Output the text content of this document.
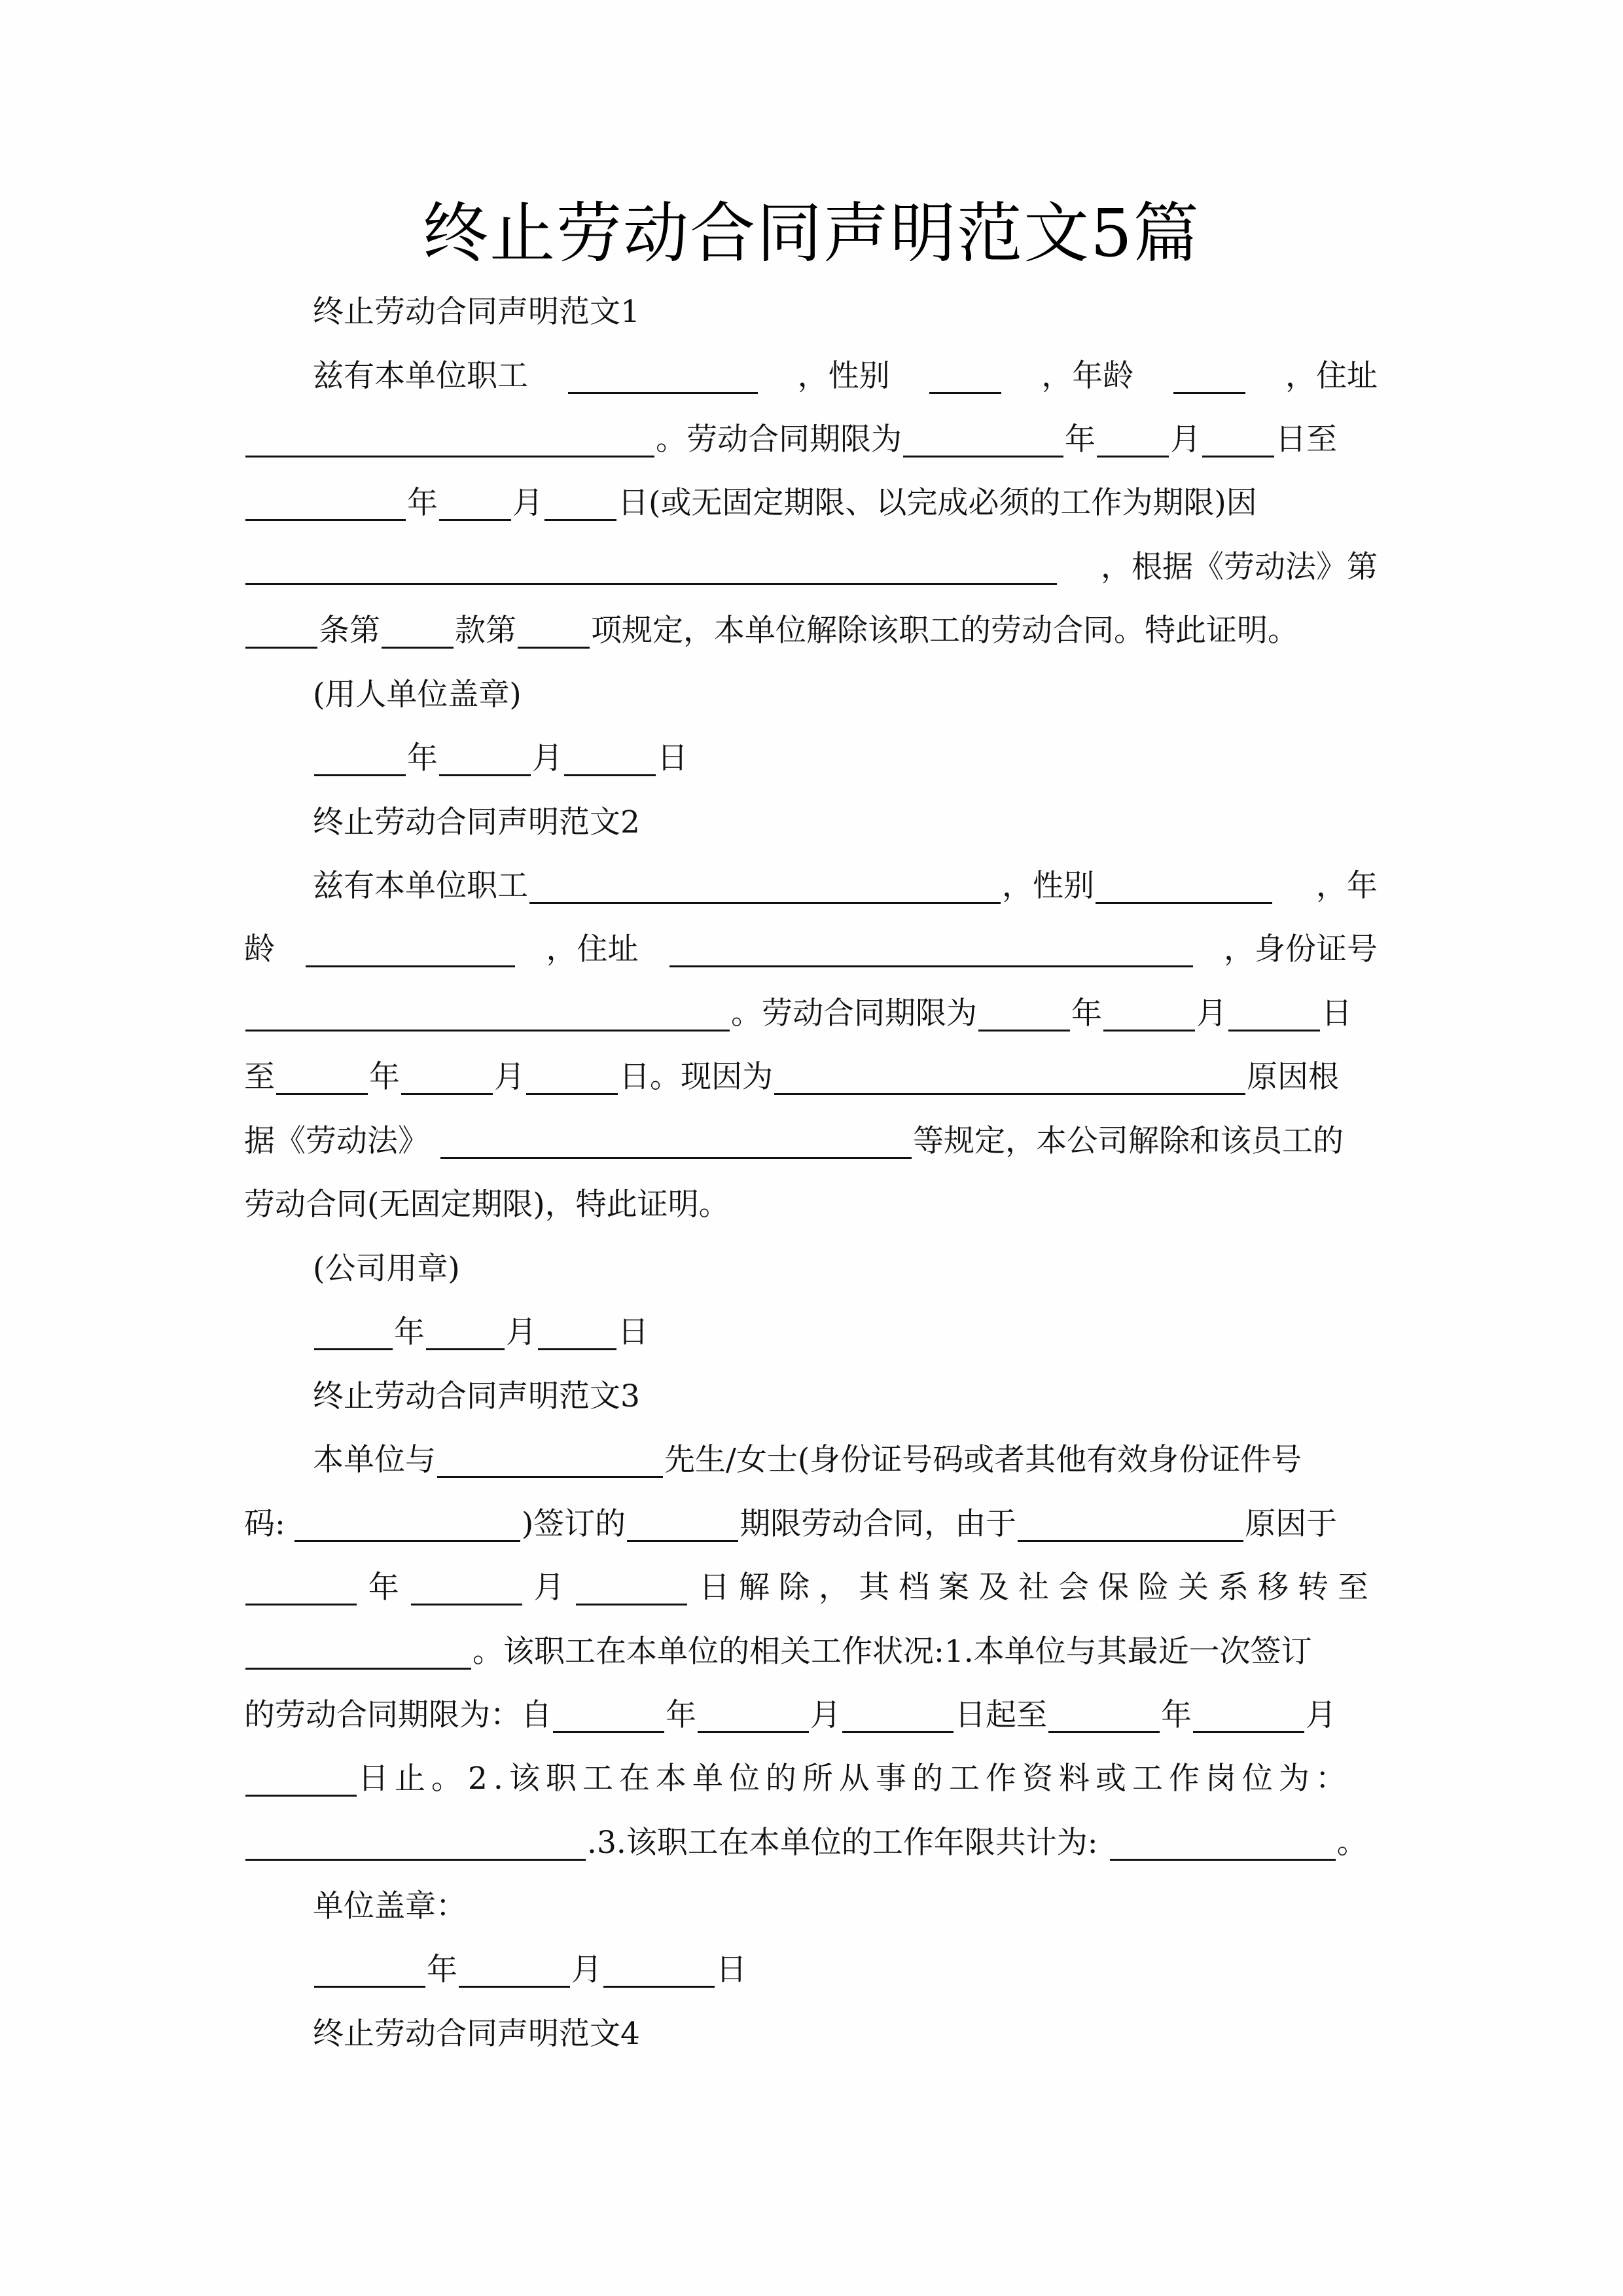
终止劳动合同声明范文5篇
终止劳动合同声明范文1
兹有本单位职工	，性别	，年龄	，住址
。劳动合同期限为	年 月 日至
年 月 日(或无固定期限、以完成必须的工作为期限)因
，根据《劳动法》第
条第 款第 项规定，本单位解除该职工的劳动合同。特此证明。
(用人单位盖章)
年	月	日
终止劳动合同声明范文2
兹有本单位职工	，性别	，年
龄	，住址	，身份证号
。劳动合同期限为	年	月	日
至	年	月	日。现因为	原因根
据《劳动法》	等规定，本公司解除和该员工的
劳动合同(无固定期限)，特此证明。
(公司用章)
年	月	日
终止劳动合同声明范文3
本单位与	先生/女士(身份证号码或者其他有效身份证件号
码:	)签订的	期限劳动合同，由于	原因于
年	月	日解除，其档案及社会保险关系移转至
。该职工在本单位的相关工作状况:1.本单位与其最近一次签订
的劳动合同期限为：自	年	月	日起至	年	月
日止。2.该职工在本单位的所从事的工作资料或工作岗位为：
.3.该职工在本单位的工作年限共计为:	。
单位盖章：
年	月	日
终止劳动合同声明范文4
